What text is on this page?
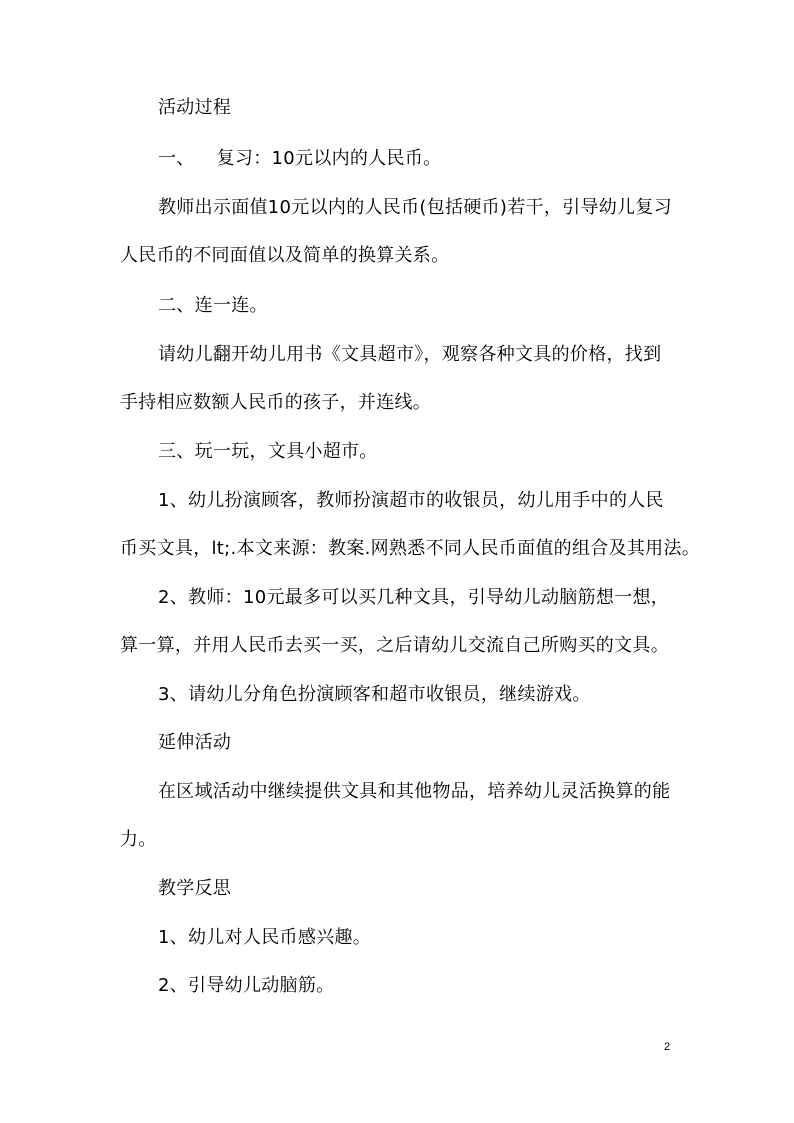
活动过程
一、 复习：10元以内的人民币。
教师出示面值10元以内的人民币(包括硬币)若干，引导幼儿复习
人民币的不同面值以及简单的换算关系。
二、连一连。
请幼儿翻开幼儿用书《文具超市》，观察各种文具的价格，找到
手持相应数额人民币的孩子，并连线。
三、玩一玩，文具小超市。
1、幼儿扮演顾客，教师扮演超市的收银员，幼儿用手中的人民
币买文具，lt;.本文来源：教案.网熟悉不同人民币面值的组合及其用法。
2、教师：10元最多可以买几种文具，引导幼儿动脑筋想一想，
算一算，并用人民币去买一买，之后请幼儿交流自己所购买的文具。
3、请幼儿分角色扮演顾客和超市收银员，继续游戏。
延伸活动
在区域活动中继续提供文具和其他物品，培养幼儿灵活换算的能
力。
教学反思
1、幼儿对人民币感兴趣。
2、引导幼儿动脑筋。
2
